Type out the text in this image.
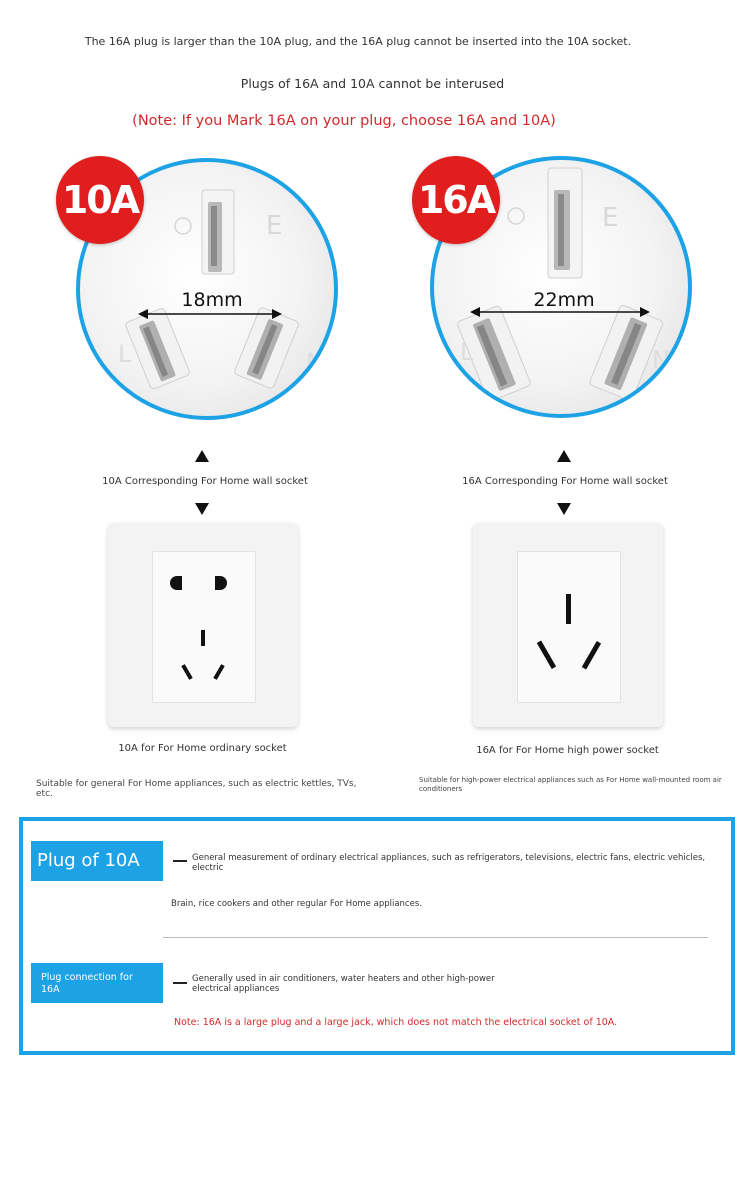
The 16A plug is larger than the 10A plug, and the 16A plug cannot be inserted into the 10A socket.
Plugs of 16A and 10A cannot be interused
(Note: If you Mark 16A on your plug, choose 16A and 10A)
E
L	N
18mm
10A	E
L	N
22mm
16A
10A Corresponding For Home wall socket	16A Corresponding For Home wall socket
10A for For Home ordinary socket
Suitable for general For Home appliances, such as electric kettles, TVs, etc.
16A for For Home high power socket
Suitable for high-power electrical appliances such as For Home wall-mounted room air conditioners
Plug of 10A	General measurement of ordinary electrical appliances, such as refrigerators, televisions, electric fans, electric vehicles, electric
Brain, rice cookers and other regular For Home appliances.
Plug connection for 16A
Generally used in air conditioners, water heaters and other high-power electrical appliances
Note: 16A is a large plug and a large jack, which does not match the electrical socket of 10A.
